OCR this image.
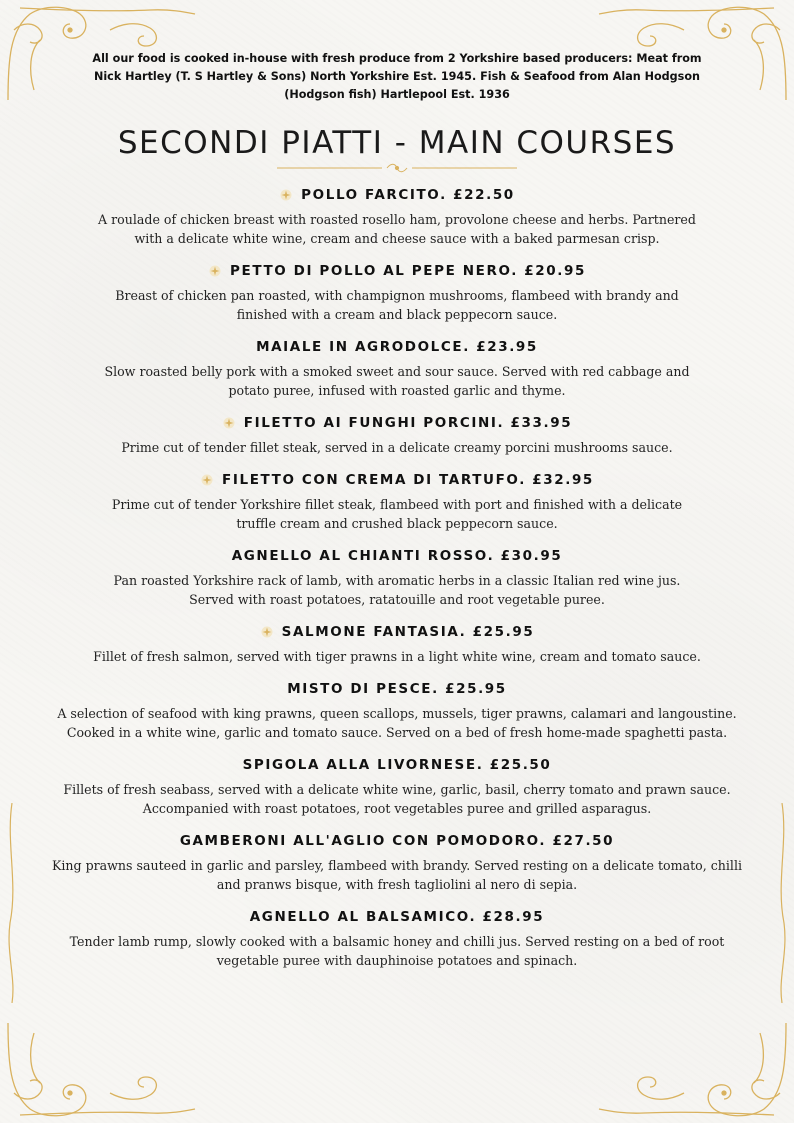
All our food is cooked in-house with fresh produce from 2 Yorkshire based producers: Meat from Nick Hartley (T. S Hartley & Sons) North Yorkshire Est. 1945. Fish & Seafood from Alan Hodgson (Hodgson fish) Hartlepool Est. 1936
SECONDI PIATTI - MAIN COURSES
POLLO FARCITO. £22.50
A roulade of chicken breast with roasted rosello ham, provolone cheese and herbs. Partnered
with a delicate white wine, cream and cheese sauce with a baked parmesan crisp.
PETTO DI POLLO AL PEPE NERO. £20.95
Breast of chicken pan roasted, with champignon mushrooms, flambeed with brandy and
finished with a cream and black peppecorn sauce.
MAIALE IN AGRODOLCE. £23.95
Slow roasted belly pork with a smoked sweet and sour sauce. Served with red cabbage and
potato puree, infused with roasted garlic and thyme.
FILETTO AI FUNGHI PORCINI. £33.95
Prime cut of tender fillet steak, served in a delicate creamy porcini mushrooms sauce.
FILETTO CON CREMA DI TARTUFO. £32.95
Prime cut of tender Yorkshire fillet steak, flambeed with port and finished with a delicate
truffle cream and crushed black peppecorn sauce.
AGNELLO AL CHIANTI ROSSO. £30.95
Pan roasted Yorkshire rack of lamb, with aromatic herbs in a classic Italian red wine jus.
Served with roast potatoes, ratatouille and root vegetable puree.
SALMONE FANTASIA. £25.95
Fillet of fresh salmon, served with tiger prawns in a light white wine, cream and tomato sauce.
MISTO DI PESCE. £25.95
A selection of seafood with king prawns, queen scallops, mussels, tiger prawns, calamari and langoustine.
Cooked in a white wine, garlic and tomato sauce. Served on a bed of fresh home-made spaghetti pasta.
SPIGOLA ALLA LIVORNESE. £25.50
Fillets of fresh seabass, served with a delicate white wine, garlic, basil, cherry tomato and prawn sauce.
Accompanied with roast potatoes, root vegetables puree and grilled asparagus.
GAMBERONI ALL'AGLIO CON POMODORO. £27.50
King prawns sauteed in garlic and parsley, flambeed with brandy. Served resting on a delicate tomato, chilli
and pranws bisque, with fresh tagliolini al nero di sepia.
AGNELLO AL BALSAMICO. £28.95
Tender lamb rump, slowly cooked with a balsamic honey and chilli jus. Served resting on a bed of root
vegetable puree with dauphinoise potatoes and spinach.
